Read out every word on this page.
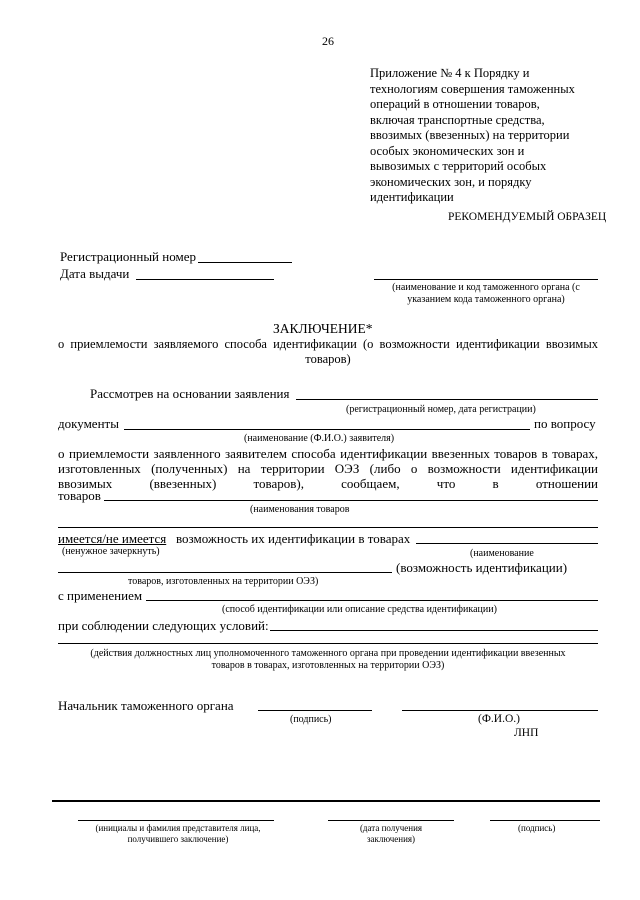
26
Приложение № 4 к Порядку и
технологиям совершения таможенных
операций в отношении товаров,
включая транспортные средства,
ввозимых (ввезенных) на территории
особых экономических зон и
вывозимых с территорий особых
экономических зон, и порядку
идентификации
РЕКОМЕНДУЕМЫЙ ОБРАЗЕЦ
Регистрационный номер
Дата выдачи
(наименование и код таможенного органа (с
указанием кода таможенного органа)
ЗАКЛЮЧЕНИЕ*
о приемлемости заявляемого способа идентификации (о возможности идентификации ввозимых
товаров)
Рассмотрев на основании заявления
(регистрационный номер, дата регистрации)
документы	по вопросу
(наименование (Ф.И.О.) заявителя)
о приемлемости заявленного заявителем способа идентификации ввезенных товаров в товарах,
изготовленных (полученных) на территории ОЭЗ (либо о возможности идентификации
ввозимых (ввезенных) товаров), сообщаем, что в отношении
товаров
(наименования товаров
имеется/не имеется возможность их идентификации в товарах
(ненужное зачеркнуть)	(наименование
(возможность идентификации)
товаров, изготовленных на территории ОЭЗ)
с применением
(способ идентификации или описание средства идентификации)
при соблюдении следующих условий:
(действия должностных лиц уполномоченного таможенного органа при проведении идентификации ввезенных
товаров в товарах, изготовленных на территории ОЭЗ)
Начальник таможенного органа
(подпись)	(Ф.И.О.)
ЛНП
(инициалы и фамилия представителя лица,
получившего заключение)
(дата получения
заключения)
(подпись)
